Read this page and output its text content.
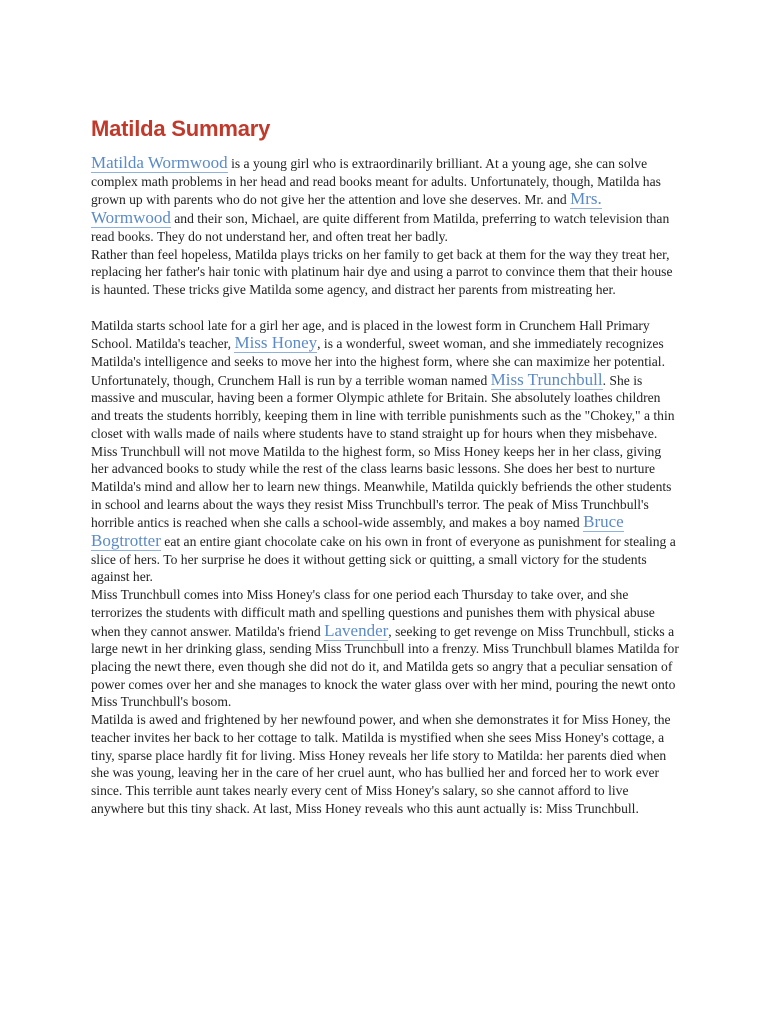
Matilda Summary

Matilda Wormwood is a young girl who is extraordinarily brilliant. At a young age, she can solve complex math problems in her head and read books meant for adults. Unfortunately, though, Matilda has grown up with parents who do not give her the attention and love she deserves. Mr. and Mrs. Wormwood and their son, Michael, are quite different from Matilda, preferring to watch television than read books. They do not understand her, and often treat her badly.

Rather than feel hopeless, Matilda plays tricks on her family to get back at them for the way they treat her, replacing her father's hair tonic with platinum hair dye and using a parrot to convince them that their house is haunted. These tricks give Matilda some agency, and distract her parents from mistreating her.

Matilda starts school late for a girl her age, and is placed in the lowest form in Crunchem Hall Primary School. Matilda's teacher, Miss Honey, is a wonderful, sweet woman, and she immediately recognizes Matilda's intelligence and seeks to move her into the highest form, where she can maximize her potential. Unfortunately, though, Crunchem Hall is run by a terrible woman named Miss Trunchbull. She is massive and muscular, having been a former Olympic athlete for Britain. She absolutely loathes children and treats the students horribly, keeping them in line with terrible punishments such as the "Chokey," a thin closet with walls made of nails where students have to stand straight up for hours when they misbehave.

Miss Trunchbull will not move Matilda to the highest form, so Miss Honey keeps her in her class, giving her advanced books to study while the rest of the class learns basic lessons. She does her best to nurture Matilda's mind and allow her to learn new things. Meanwhile, Matilda quickly befriends the other students in school and learns about the ways they resist Miss Trunchbull's terror. The peak of Miss Trunchbull's horrible antics is reached when she calls a school-wide assembly, and makes a boy named Bruce Bogtrotter eat an entire giant chocolate cake on his own in front of everyone as punishment for stealing a slice of hers. To her surprise he does it without getting sick or quitting, a small victory for the students against her.

Miss Trunchbull comes into Miss Honey's class for one period each Thursday to take over, and she terrorizes the students with difficult math and spelling questions and punishes them with physical abuse when they cannot answer. Matilda's friend Lavender, seeking to get revenge on Miss Trunchbull, sticks a large newt in her drinking glass, sending Miss Trunchbull into a frenzy. Miss Trunchbull blames Matilda for placing the newt there, even though she did not do it, and Matilda gets so angry that a peculiar sensation of power comes over her and she manages to knock the water glass over with her mind, pouring the newt onto Miss Trunchbull's bosom.

Matilda is awed and frightened by her newfound power, and when she demonstrates it for Miss Honey, the teacher invites her back to her cottage to talk. Matilda is mystified when she sees Miss Honey's cottage, a tiny, sparse place hardly fit for living. Miss Honey reveals her life story to Matilda: her parents died when she was young, leaving her in the care of her cruel aunt, who has bullied her and forced her to work ever since. This terrible aunt takes nearly every cent of Miss Honey's salary, so she cannot afford to live anywhere but this tiny shack. At last, Miss Honey reveals who this aunt actually is: Miss Trunchbull.
